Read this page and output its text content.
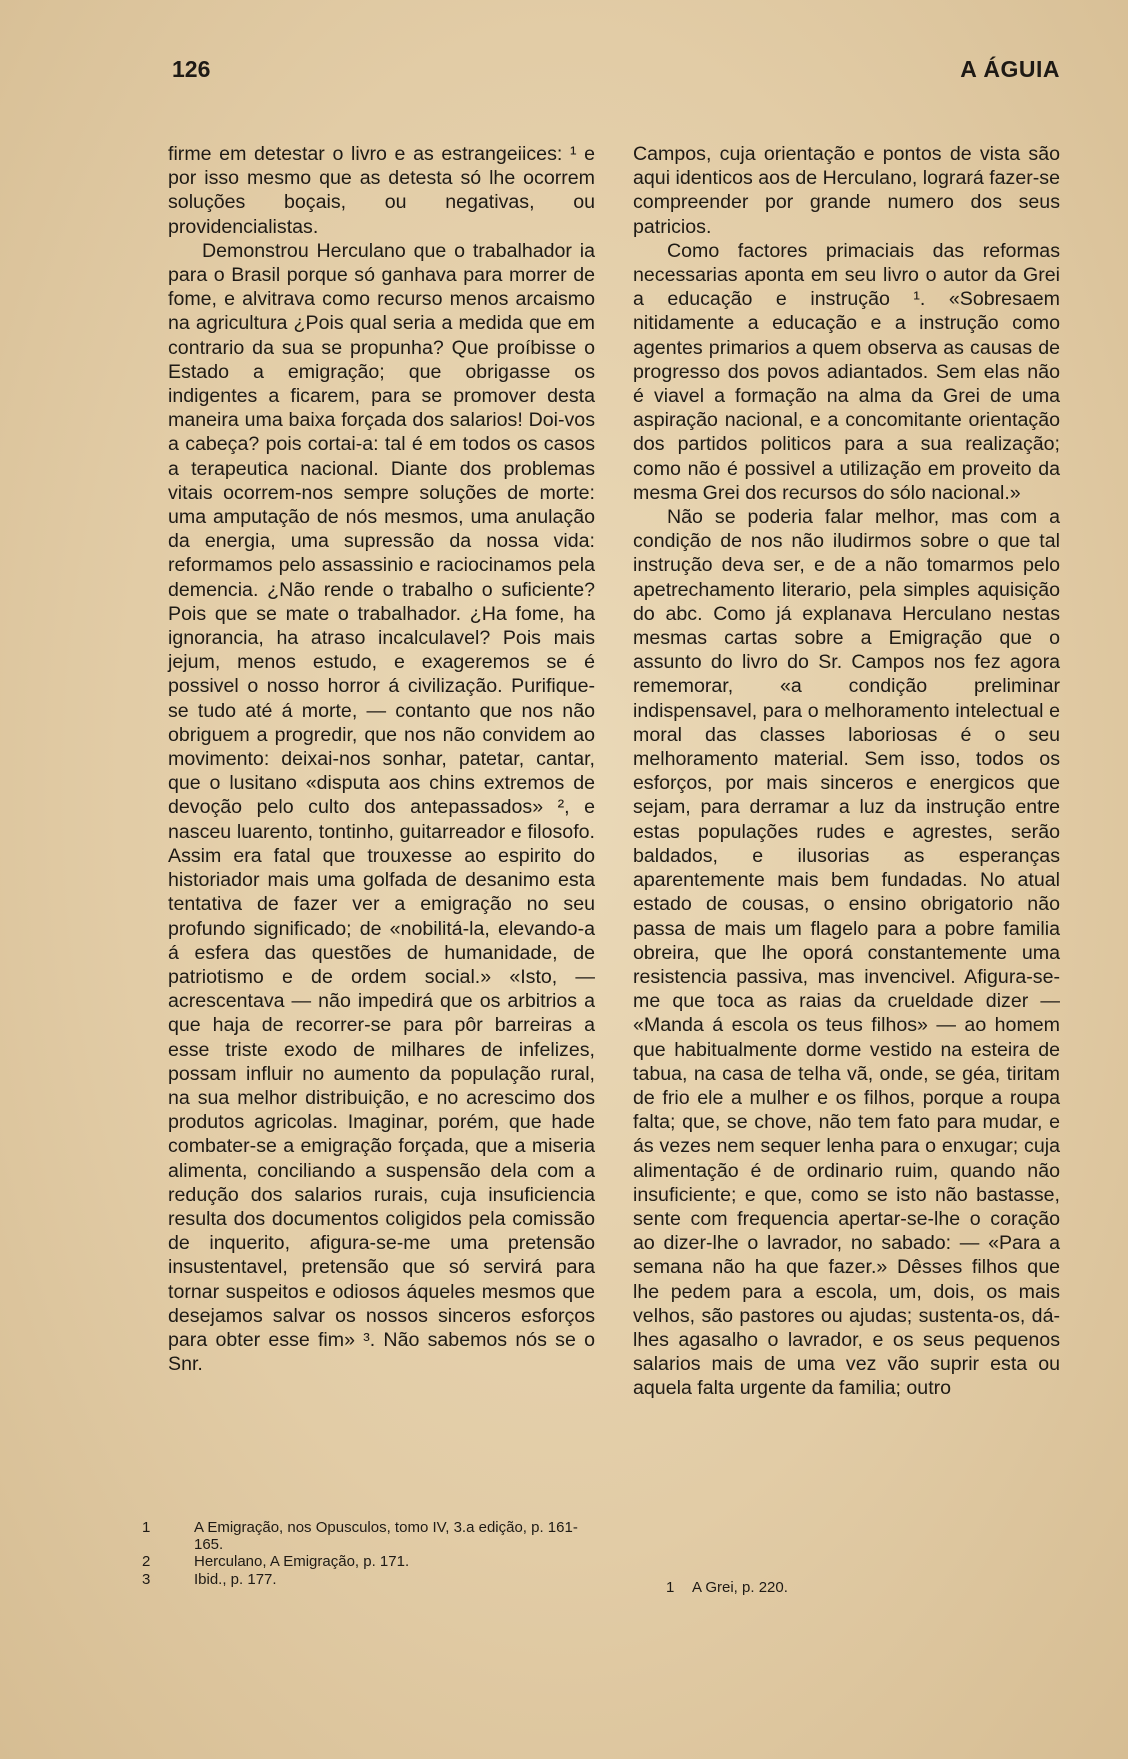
126	A ÁGUIA

firme em detestar o livro e as estrangeiices: ¹ e por isso mesmo que as detesta só lhe ocorrem soluções boçais, ou negativas, ou providencialistas.

Demonstrou Herculano que o trabalhador ia para o Brasil porque só ganhava para morrer de fome, e alvitrava como recurso menos arcaismo na agricultura ¿Pois qual seria a medida que em contrario da sua se propunha? Que proíbisse o Estado a emigração; que obrigasse os indigentes a ficarem, para se promover desta maneira uma baixa forçada dos salarios! Doi-vos a cabeça? pois cortai-a: tal é em todos os casos a terapeutica nacional. Diante dos problemas vitais ocorrem-nos sempre soluções de morte: uma amputação de nós mesmos, uma anulação da energia, uma supressão da nossa vida: reformamos pelo assassinio e raciocinamos pela demencia. ¿Não rende o trabalho o suficiente? Pois que se mate o trabalhador. ¿Ha fome, ha ignorancia, ha atraso incalculavel? Pois mais jejum, menos estudo, e exageremos se é possivel o nosso horror á civilização. Purifique-se tudo até á morte, — contanto que nos não obriguem a progredir, que nos não convidem ao movimento: deixai-nos sonhar, patetar, cantar, que o lusitano «disputa aos chins extremos de devoção pelo culto dos antepassados» ², e nasceu luarento, tontinho, guitarreador e filosofo. Assim era fatal que trouxesse ao espirito do historiador mais uma golfada de desanimo esta tentativa de fazer ver a emigração no seu profundo significado; de «nobilitá-la, elevando-a á esfera das questões de humanidade, de patriotismo e de ordem social.» «Isto, — acrescentava — não impedirá que os arbitrios a que haja de recorrer-se para pôr barreiras a esse triste exodo de milhares de infelizes, possam influir no aumento da população rural, na sua melhor distribuição, e no acrescimo dos produtos agricolas. Imaginar, porém, que hade combater-se a emigração forçada, que a miseria alimenta, conciliando a suspensão dela com a redução dos salarios rurais, cuja insuficiencia resulta dos documentos coligidos pela comissão de inquerito, afigura-se-me uma pretensão insustentavel, pretensão que só servirá para tornar suspeitos e odiosos áqueles mesmos que desejamos salvar os nossos sinceros esforços para obter esse fim» ³. Não sabemos nós se o Snr.

Campos, cuja orientação e pontos de vista são aqui identicos aos de Herculano, logrará fazer-se compreender por grande numero dos seus patricios.

Como factores primaciais das reformas necessarias aponta em seu livro o autor da Grei a educação e instrução ¹. «Sobresaem nitidamente a educação e a instrução como agentes primarios a quem observa as causas de progresso dos povos adiantados. Sem elas não é viavel a formação na alma da Grei de uma aspiração nacional, e a concomitante orientação dos partidos politicos para a sua realização; como não é possivel a utilização em proveito da mesma Grei dos recursos do sólo nacional.»

Não se poderia falar melhor, mas com a condição de nos não iludirmos sobre o que tal instrução deva ser, e de a não tomarmos pelo apetrechamento literario, pela simples aquisição do abc. Como já explanava Herculano nestas mesmas cartas sobre a Emigração que o assunto do livro do Sr. Campos nos fez agora rememorar, «a condição preliminar indispensavel, para o melhoramento intelectual e moral das classes laboriosas é o seu melhoramento material. Sem isso, todos os esforços, por mais sinceros e energicos que sejam, para derramar a luz da instrução entre estas populações rudes e agrestes, serão baldados, e ilusorias as esperanças aparentemente mais bem fundadas. No atual estado de cousas, o ensino obrigatorio não passa de mais um flagelo para a pobre familia obreira, que lhe oporá constantemente uma resistencia passiva, mas invencivel. Afigura-se-me que toca as raias da crueldade dizer — «Manda á escola os teus filhos» — ao homem que habitualmente dorme vestido na esteira de tabua, na casa de telha vã, onde, se géa, tiritam de frio ele a mulher e os filhos, porque a roupa falta; que, se chove, não tem fato para mudar, e ás vezes nem sequer lenha para o enxugar; cuja alimentação é de ordinario ruim, quando não insuficiente; e que, como se isto não bastasse, sente com frequencia apertar-se-lhe o coração ao dizer-lhe o lavrador, no sabado: — «Para a semana não ha que fazer.» Dêsses filhos que lhe pedem para a escola, um, dois, os mais velhos, são pastores ou ajudas; sustenta-os, dá-lhes agasalho o lavrador, e os seus pequenos salarios mais de uma vez vão suprir esta ou aquela falta urgente da familia; outro

1	A Emigração, nos Opusculos, tomo IV, 3.a edição, p. 161-165.
2	Herculano, A Emigração, p. 171.
3	Ibid., p. 177.	1 A Grei, p. 220.
